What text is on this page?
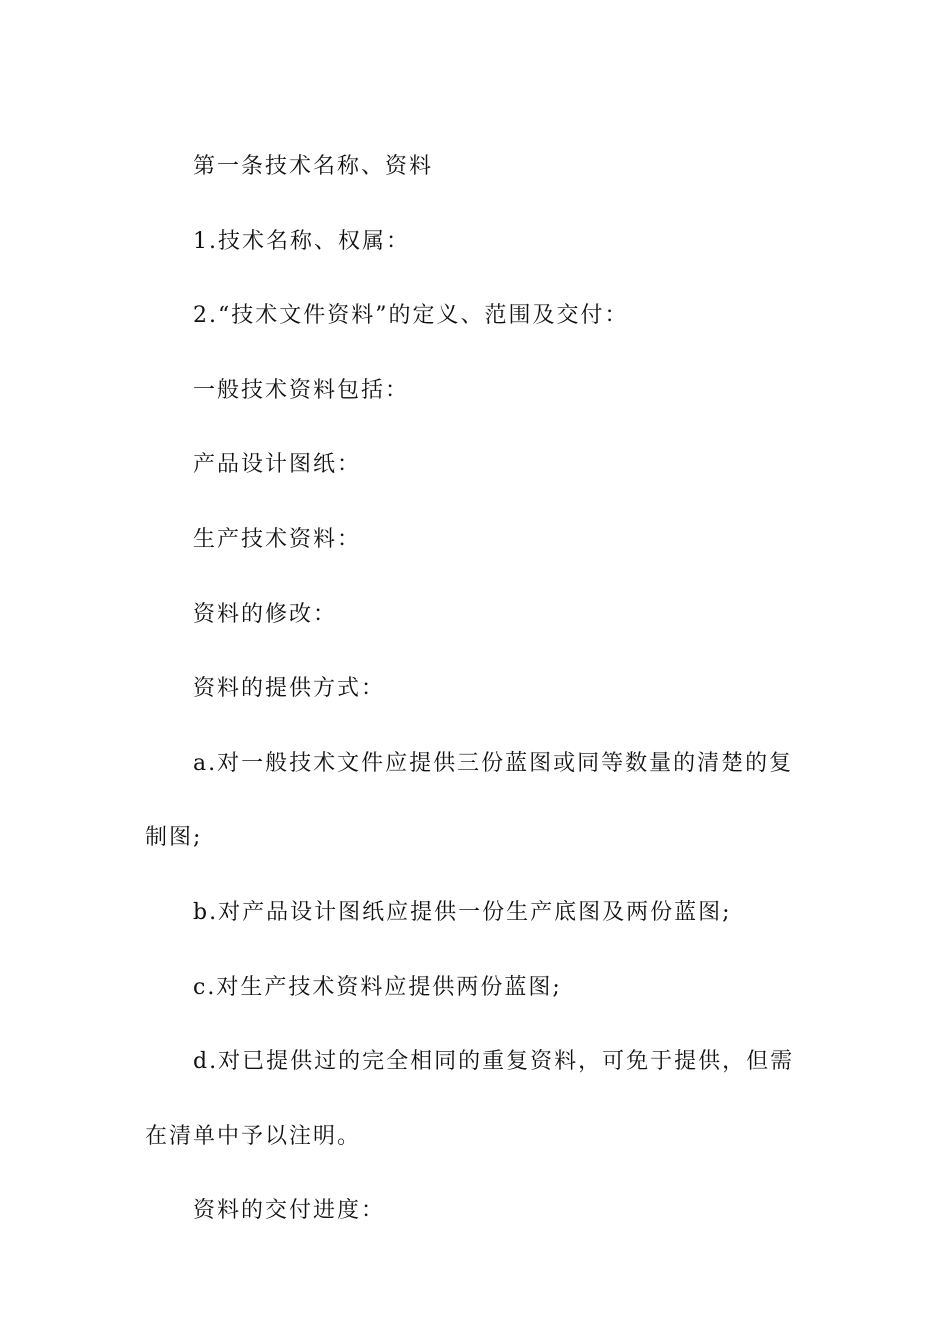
第一条技术名称、资料

1.技术名称、权属：

2.“技术文件资料”的定义、范围及交付：

一般技术资料包括：

产品设计图纸：

生产技术资料：

资料的修改：

资料的提供方式：

a.对一般技术文件应提供三份蓝图或同等数量的清楚的复制图;

b.对产品设计图纸应提供一份生产底图及两份蓝图;

c.对生产技术资料应提供两份蓝图;

d.对已提供过的完全相同的重复资料，可免于提供，但需在清单中予以注明。

资料的交付进度：
